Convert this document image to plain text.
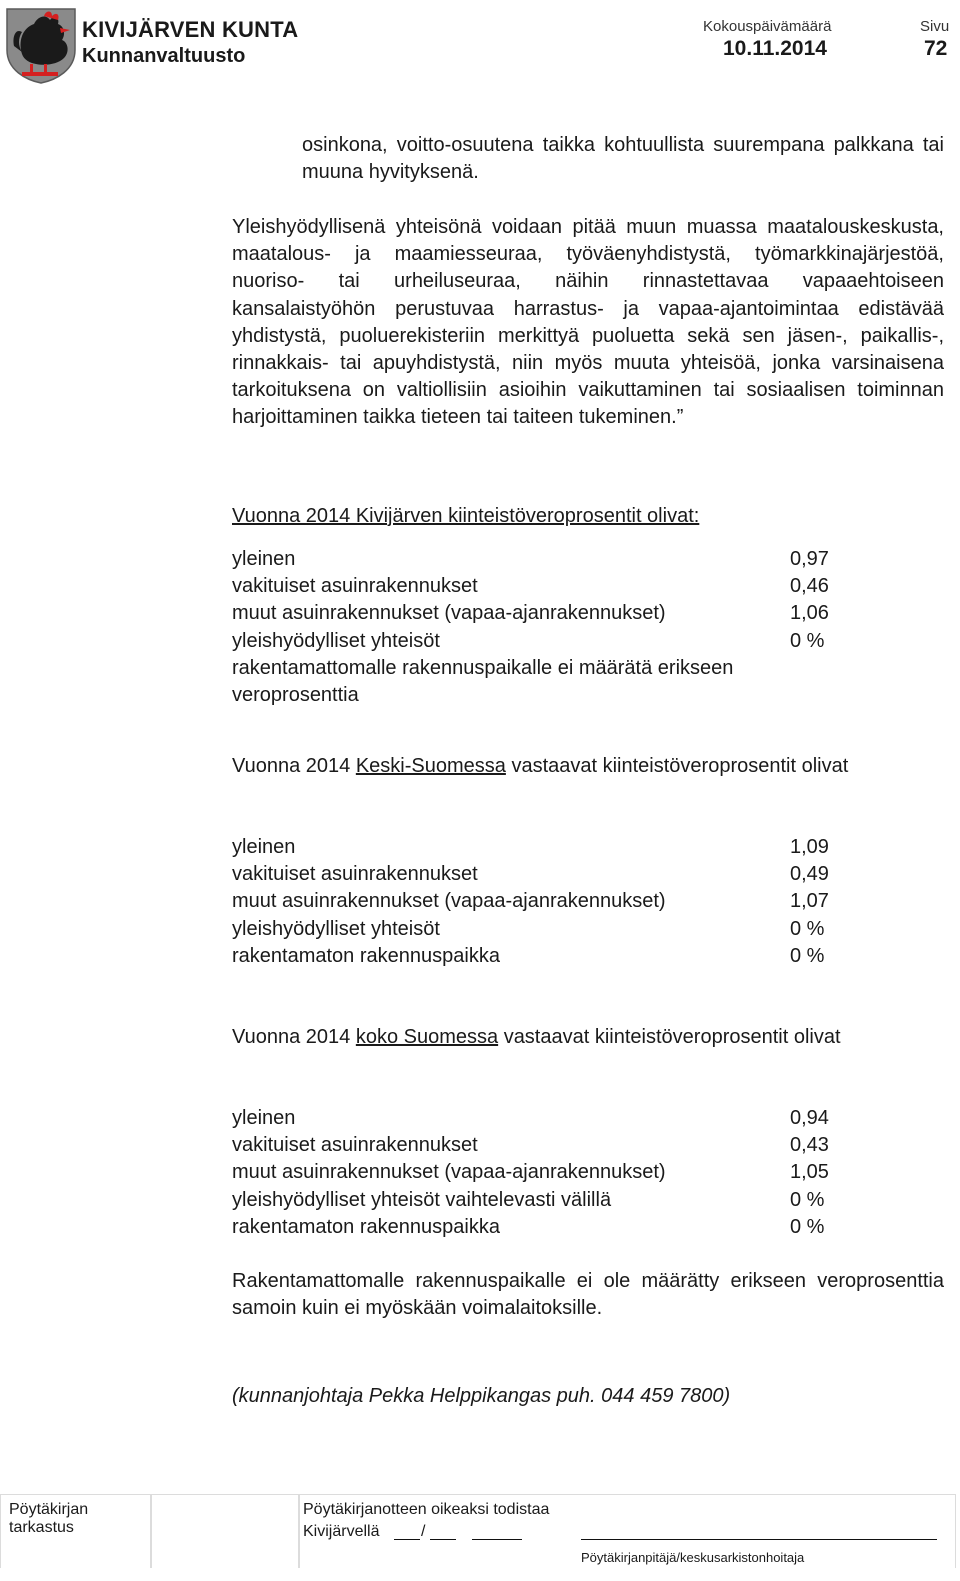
KIVIJÄRVEN KUNTA
Kunnanvaltuusto
Kokouspäivämäärä
10.11.2014
Sivu
72

osinkona, voitto-osuutena taikka kohtuullista suurempana palkkana tai muuna hyvityksenä.

Yleishyödyllisenä yhteisönä voidaan pitää muun muassa maatalouskeskusta, maatalous- ja maamiesseuraa, työväenyhdistystä, työmarkkinajärjestöä, nuoriso- tai urheiluseuraa, näihin rinnastettavaa vapaaehtoiseen kansalaistyöhön perustuvaa harrastus- ja vapaa-ajantoimintaa edistävää yhdistystä, puoluerekisteriin merkittyä puoluetta sekä sen jäsen-, paikallis-, rinnakkais- tai apuyhdistystä, niin myös muuta yhteisöä, jonka varsinaisena tarkoituksena on valtiollisiin asioihin vaikuttaminen tai sosiaalisen toiminnan harjoittaminen taikka tieteen tai taiteen tukeminen.”

Vuonna 2014 Kivijärven kiinteistöveroprosentit olivat:
yleinen	0,97
vakituiset asuinrakennukset	0,46
muut asuinrakennukset (vapaa-ajanrakennukset)	1,06
yleishyödylliset yhteisöt	0 %

rakentamattomalle rakennuspaikalle ei määrätä erikseen veroprosenttia

Vuonna 2014 Keski-Suomessa vastaavat kiinteistöveroprosentit olivat

yleinen	1,09
vakituiset asuinrakennukset	0,49
muut asuinrakennukset (vapaa-ajanrakennukset)	1,07
yleishyödylliset yhteisöt	0 %
rakentamaton rakennuspaikka	0 %

Vuonna 2014 koko Suomessa vastaavat kiinteistöveroprosentit olivat

yleinen	0,94
vakituiset asuinrakennukset	0,43
muut asuinrakennukset (vapaa-ajanrakennukset)	1,05
yleishyödylliset yhteisöt vaihtelevasti välillä	0 %
rakentamaton rakennuspaikka	0 %

Rakentamattomalle rakennuspaikalle ei ole määrätty erikseen veroprosenttia samoin kuin ei myöskään voimalaitoksille.

(kunnanjohtaja Pekka Helppikangas puh. 044 459 7800)
Pöytäkirjan tarkastus
Pöytäkirjanotteen oikeaksi todistaa
Kivijärvellä	/
Pöytäkirjanpitäjä/keskusarkistonhoitaja
